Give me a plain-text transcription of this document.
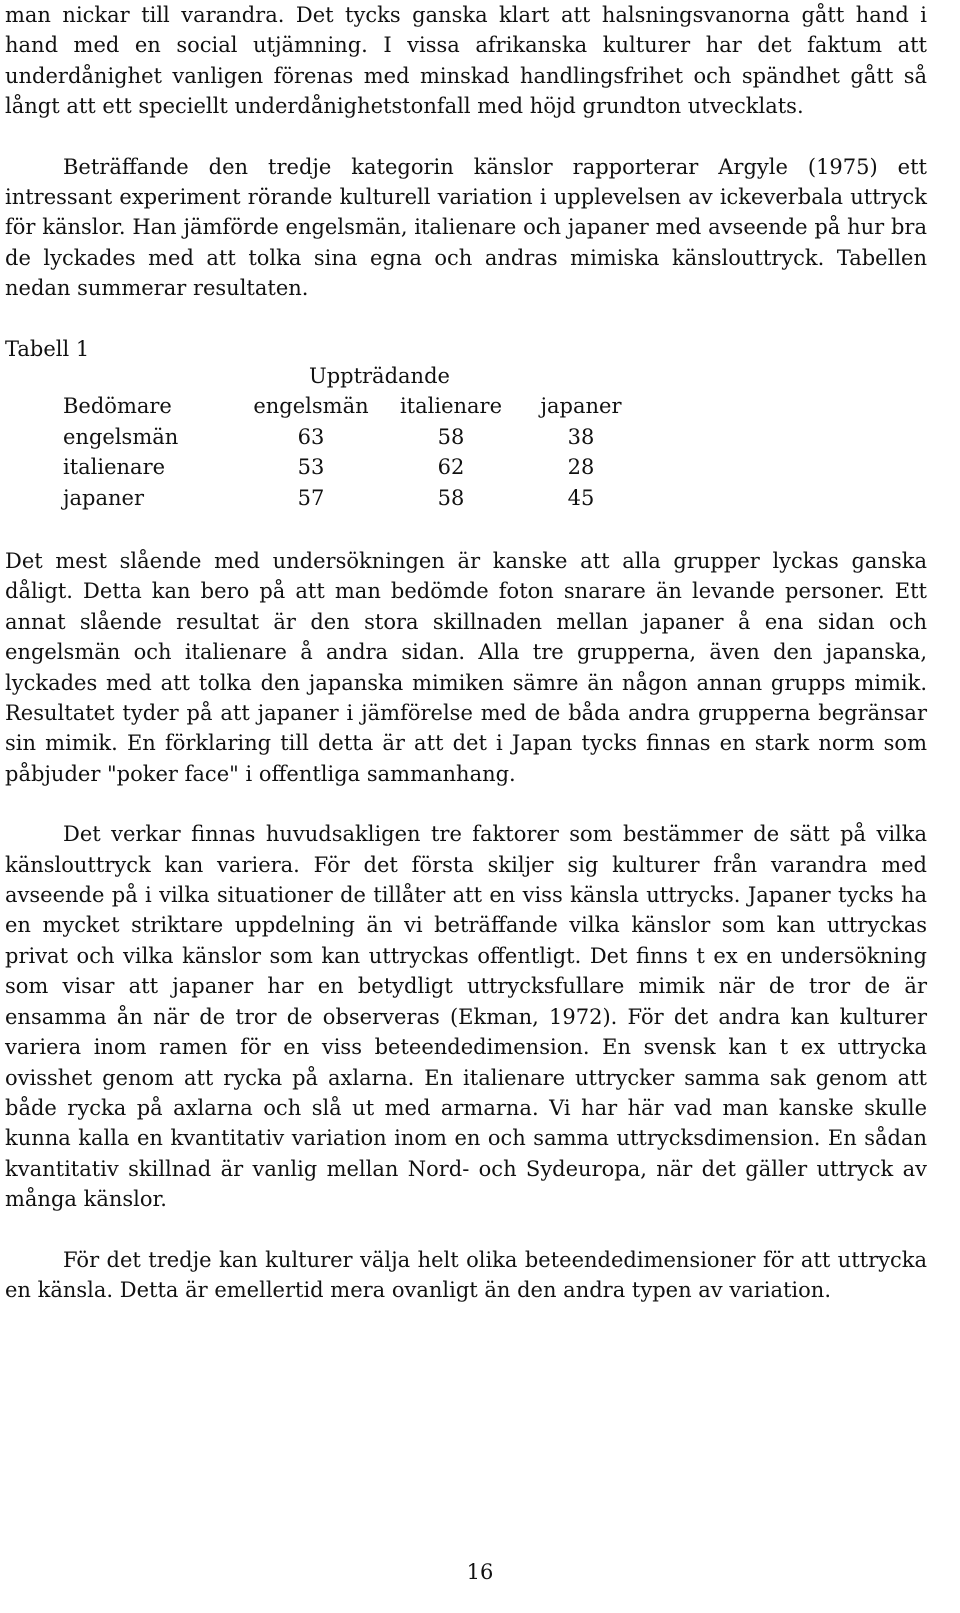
man nickar till varandra. Det tycks ganska klart att halsningsvanorna gått hand i hand med en social utjämning. I vissa afrikanska kulturer har det faktum att underdånighet vanligen förenas med minskad handlingsfrihet och spändhet gått så långt att ett speciellt underdånighetstonfall med höjd grundton utvecklats.

Beträffande den tredje kategorin känslor rapporterar Argyle (1975) ett intressant experiment rörande kulturell variation i upplevelsen av ickeverbala uttryck för känslor. Han jämförde engelsmän, italienare och japaner med avseende på hur bra de lyckades med att tolka sina egna och andras mimiska känslouttryck. Tabellen nedan summerar resultaten.

Tabell 1
	Uppträdande		
Bedömare	engelsmän	italienare	japaner
engelsmän	63	58	38
italienare	53	62	28
japaner	57	58	45

Det mest slående med undersökningen är kanske att alla grupper lyckas ganska dåligt. Detta kan bero på att man bedömde foton snarare än levande personer. Ett annat slående resultat är den stora skillnaden mellan japaner å ena sidan och engelsmän och italienare å andra sidan. Alla tre grupperna, även den japanska, lyckades med att tolka den japanska mimiken sämre än någon annan grupps mimik. Resultatet tyder på att japaner i jämförelse med de båda andra grupperna begränsar sin mimik. En förklaring till detta är att det i Japan tycks finnas en stark norm som påbjuder "poker face" i offentliga sammanhang.

Det verkar finnas huvudsakligen tre faktorer som bestämmer de sätt på vilka känslouttryck kan variera. För det första skiljer sig kulturer från varandra med avseende på i vilka situationer de tillåter att en viss känsla uttrycks. Japaner tycks ha en mycket striktare uppdelning än vi beträffande vilka känslor som kan uttryckas privat och vilka känslor som kan uttryckas offentligt. Det finns t ex en undersökning som visar att japaner har en betydligt uttrycksfullare mimik när de tror de är ensamma ån när de tror de observeras (Ekman, 1972). För det andra kan kulturer variera inom ramen för en viss beteendedimension. En svensk kan t ex uttrycka ovisshet genom att rycka på axlarna. En italienare uttrycker samma sak genom att både rycka på axlarna och slå ut med armarna. Vi har här vad man kanske skulle kunna kalla en kvantitativ variation inom en och samma uttrycksdimension. En sådan kvantitativ skillnad är vanlig mellan Nord- och Sydeuropa, när det gäller uttryck av många känslor.

För det tredje kan kulturer välja helt olika beteendedimensioner för att uttrycka en känsla. Detta är emellertid mera ovanligt än den andra typen av variation.

16
